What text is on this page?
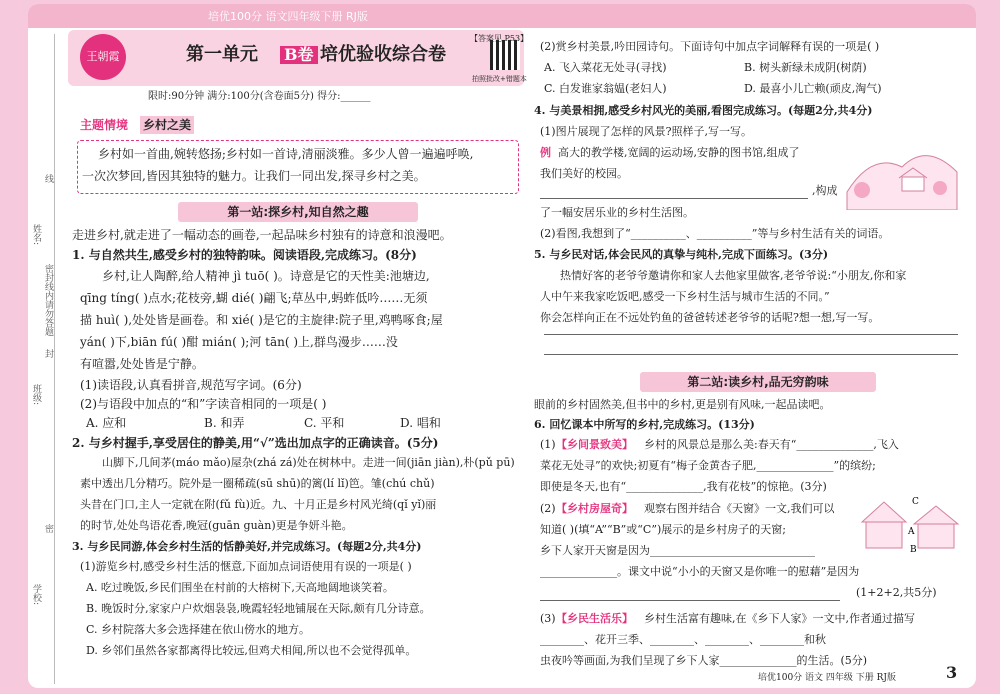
培优100分 语文四年级下册 RJ版
姓名:
班级:
学校:
线
密封线内请勿答题
封
密
王朝霞	第一单元 B卷 培优验收综合卷
【答案见 P53】
拍照批改+错题本
限时:90分钟 满分:100分(含卷面5分) 得分:______
主题情境 乡村之美
乡村如一首曲,婉转悠扬;乡村如一首诗,清丽淡雅。多少人曾一遍遍呼唤,
一次次梦回,皆因其独特的魅力。让我们一同出发,探寻乡村之美。
第一站:探乡村,知自然之趣
走进乡村,就走进了一幅动态的画卷,一起品味乡村独有的诗意和浪漫吧。
1. 与自然共生,感受乡村的独特韵味。阅读语段,完成练习。(8分)
乡村,让人陶醉,给人精神 jì tuō( )。诗意是它的天性美:池塘边,
qīng tíng( )点水;花枝旁,蝴 dié( )翩飞;草丛中,蚂蚱低吟……无须
描 huì( ),处处皆是画卷。和 xié( )是它的主旋律:院子里,鸡鸭啄食;屋
yán( )下,biān fú( )酣 mián( );河 tān( )上,群鸟漫步……没
有喧嚣,处处皆是宁静。
(1)读语段,认真看拼音,规范写字词。(6分)
(2)与语段中加点的“和”字读音相同的一项是( )
A. 应和	B. 和弄	C. 平和	D. 唱和
2. 与乡村握手,享受居住的静美,用“√”选出加点字的正确读音。(5分)
山脚下,几间茅(máo mǎo)屋杂(zhá zá)处在树林中。走进一间(jiān jiàn),朴(pǔ pū)
素中透出几分精巧。院外是一圈稀疏(sū shū)的篱(lí lǐ)笆。雏(chú chǔ)
头昔在门口,主人一定就在附(fǔ fù)近。九、十月正是乡村风光绮(qǐ yǐ)丽
的时节,处处鸟语花香,晚冠(guān guàn)更是争妍斗艳。
3. 与乡民同游,体会乡村生活的恬静美好,并完成练习。(每题2分,共4分)
(1)游览乡村,感受乡村生活的惬意,下面加点词语使用有误的一项是( )
A. 吃过晚饭,乡民们围坐在村前的大榕树下,天高地阔地谈笑着。
B. 晚饭时分,家家户户炊烟袅袅,晚霞轻轻地铺展在天际,颇有几分诗意。
C. 乡村院落大多会选择建在依山傍水的地方。
D. 乡邻们虽然各家都离得比较远,但鸡犬相闻,所以也不会觉得孤单。
(2)赏乡村美景,吟田园诗句。下面诗句中加点字词解释有误的一项是( )
A. 飞入菜花无处寻(寻找)	B. 树头新绿未成阴(树荫)
C. 白发谁家翁媪(老妇人)	D. 最喜小儿亡赖(顽皮,淘气)
4. 与美景相拥,感受乡村风光的美丽,看图完成练习。(每题2分,共4分)
(1)图片展现了怎样的风景?照样子,写一写。
例 高大的教学楼,宽阔的运动场,安静的图书馆,组成了
我们美好的校园。
,构成
了一幅安居乐业的乡村生活图。
(2)看图,我想到了“__________、__________”等与乡村生活有关的词语。
5. 与乡民对话,体会民风的真挚与纯朴,完成下面练习。(3分)
热情好客的老爷爷邀请你和家人去他家里做客,老爷爷说:“小朋友,你和家
人中午来我家吃饭吧,感受一下乡村生活与城市生活的不同。”
你会怎样向正在不远处钓鱼的爸爸转述老爷爷的话呢?想一想,写一写。
第二站:读乡村,品无穷韵味
眼前的乡村固然美,但书中的乡村,更是别有风味,一起品读吧。
6. 回忆课本中所写的乡村,完成练习。(13分)
(1) 【乡间景致美】 乡村的风景总是那么美:春天有“______________,飞入
菜花无处寻”的欢快;初夏有“梅子金黄杏子肥,______________”的缤纷;
即使是冬天,也有“______________,我有花枝”的惊艳。(3分)
(2) 【乡村房屋奇】 观察右图并结合《天窗》一文,我们可以
知道( )(填“A”“B”或“C”)展示的是乡村房子的天窗;
乡下人家开天窗是因为______________________________
______________。课文中说“小小的天窗又是你唯一的慰藉”是因为
(1+2+2,共5分)
C
A
B
(3) 【乡民生活乐】 乡村生活富有趣味,在《乡下人家》一文中,作者通过描写
________、花开三季、________、________、________和秋
虫夜吟等画面,为我们呈现了乡下人家______________的生活。(5分)
培优100分 语文 四年级 下册 RJ版	3
